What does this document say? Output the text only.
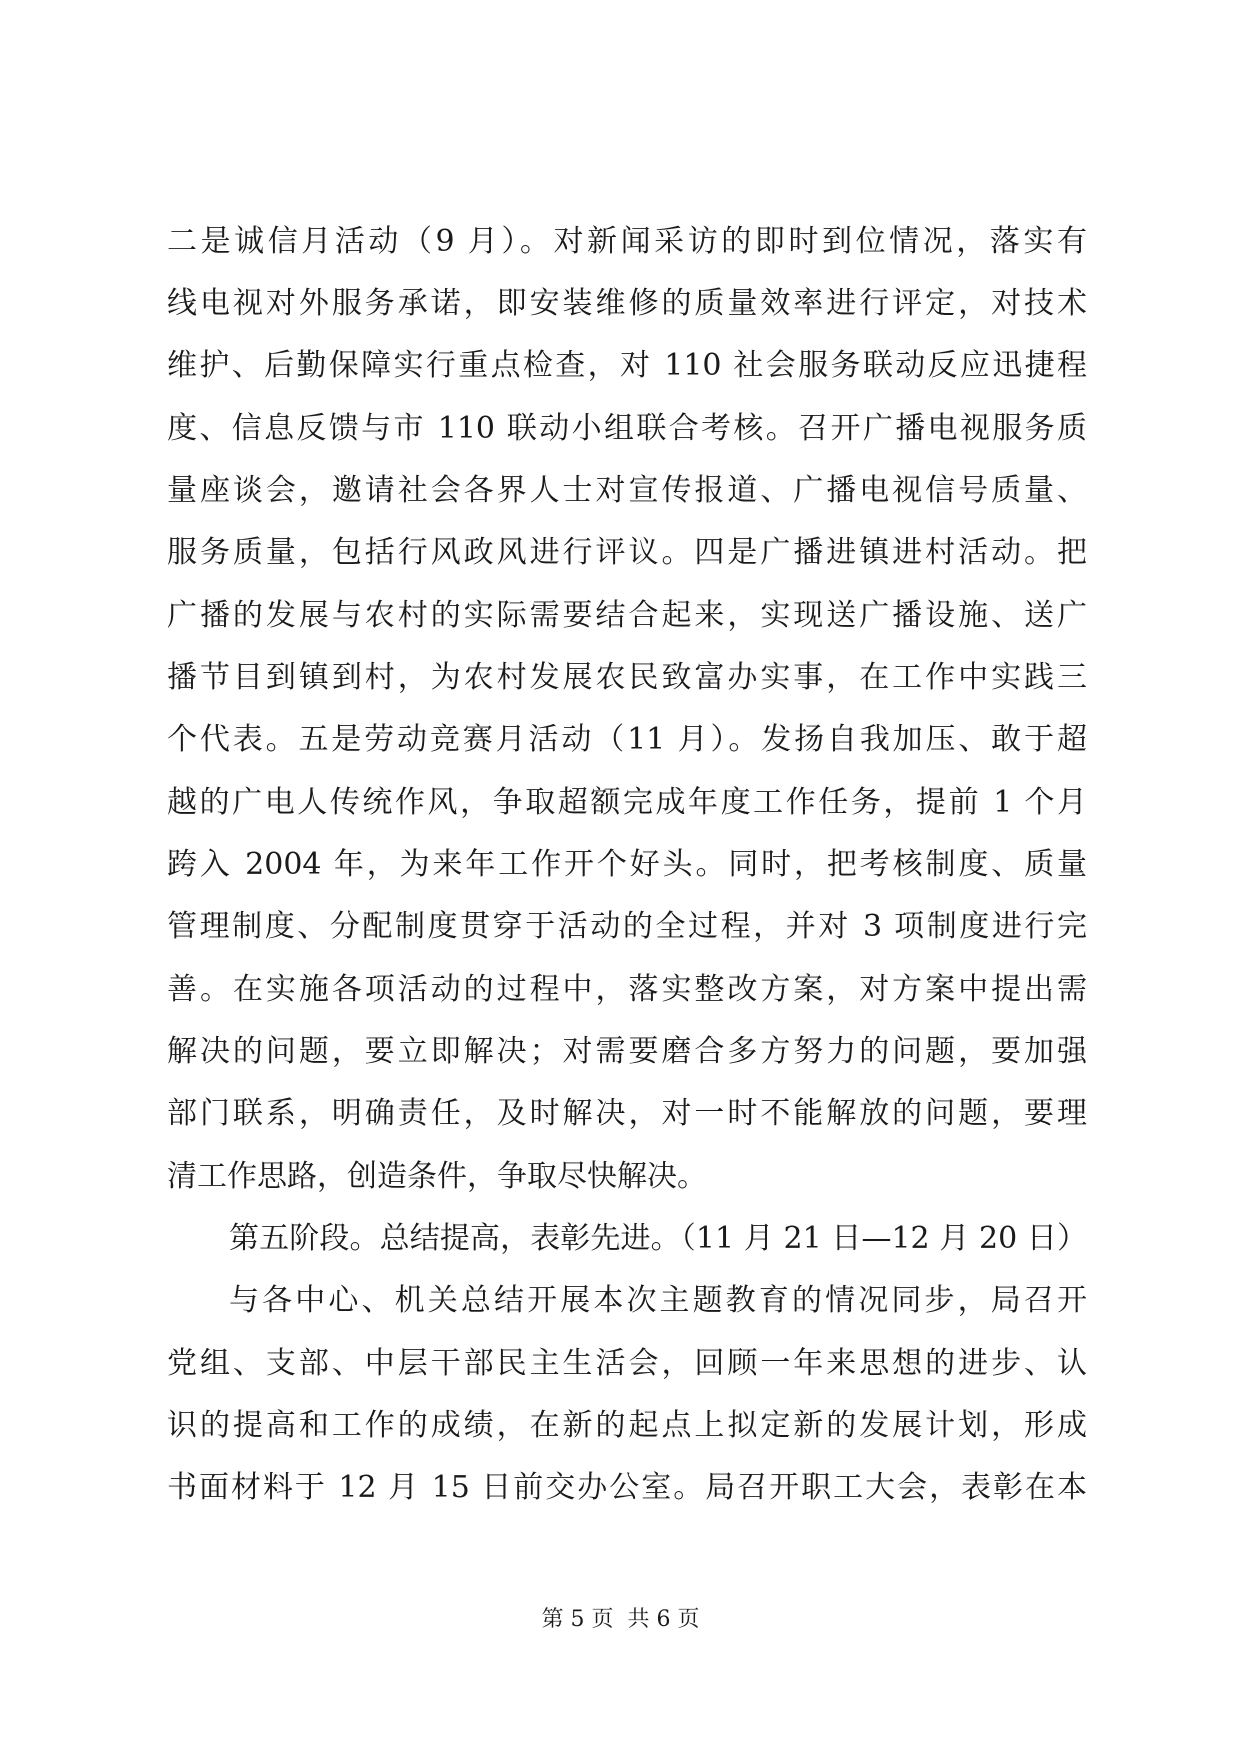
二是诚信月活动（9 月）。对新闻采访的即时到位情况，落实有
线电视对外服务承诺，即安装维修的质量效率进行评定，对技术
维护、后勤保障实行重点检查，对 110 社会服务联动反应迅捷程
度、信息反馈与市 110 联动小组联合考核。召开广播电视服务质
量座谈会，邀请社会各界人士对宣传报道、广播电视信号质量、
服务质量，包括行风政风进行评议。四是广播进镇进村活动。把
广播的发展与农村的实际需要结合起来，实现送广播设施、送广
播节目到镇到村，为农村发展农民致富办实事，在工作中实践三
个代表。五是劳动竞赛月活动（11 月）。发扬自我加压、敢于超
越的广电人传统作风，争取超额完成年度工作任务，提前 1 个月
跨入 2004 年，为来年工作开个好头。同时，把考核制度、质量
管理制度、分配制度贯穿于活动的全过程，并对 3 项制度进行完
善。在实施各项活动的过程中，落实整改方案，对方案中提出需
解决的问题，要立即解决；对需要磨合多方努力的问题，要加强
部门联系，明确责任，及时解决，对一时不能解放的问题，要理
清工作思路，创造条件，争取尽快解决。
第五阶段。总结提高，表彰先进。（11 月 21 日—12 月 20 日）
与各中心、机关总结开展本次主题教育的情况同步，局召开
党组、支部、中层干部民主生活会，回顾一年来思想的进步、认
识的提高和工作的成绩，在新的起点上拟定新的发展计划，形成
书面材料于 12 月 15 日前交办公室。局召开职工大会，表彰在本
第 5 页 共 6 页
